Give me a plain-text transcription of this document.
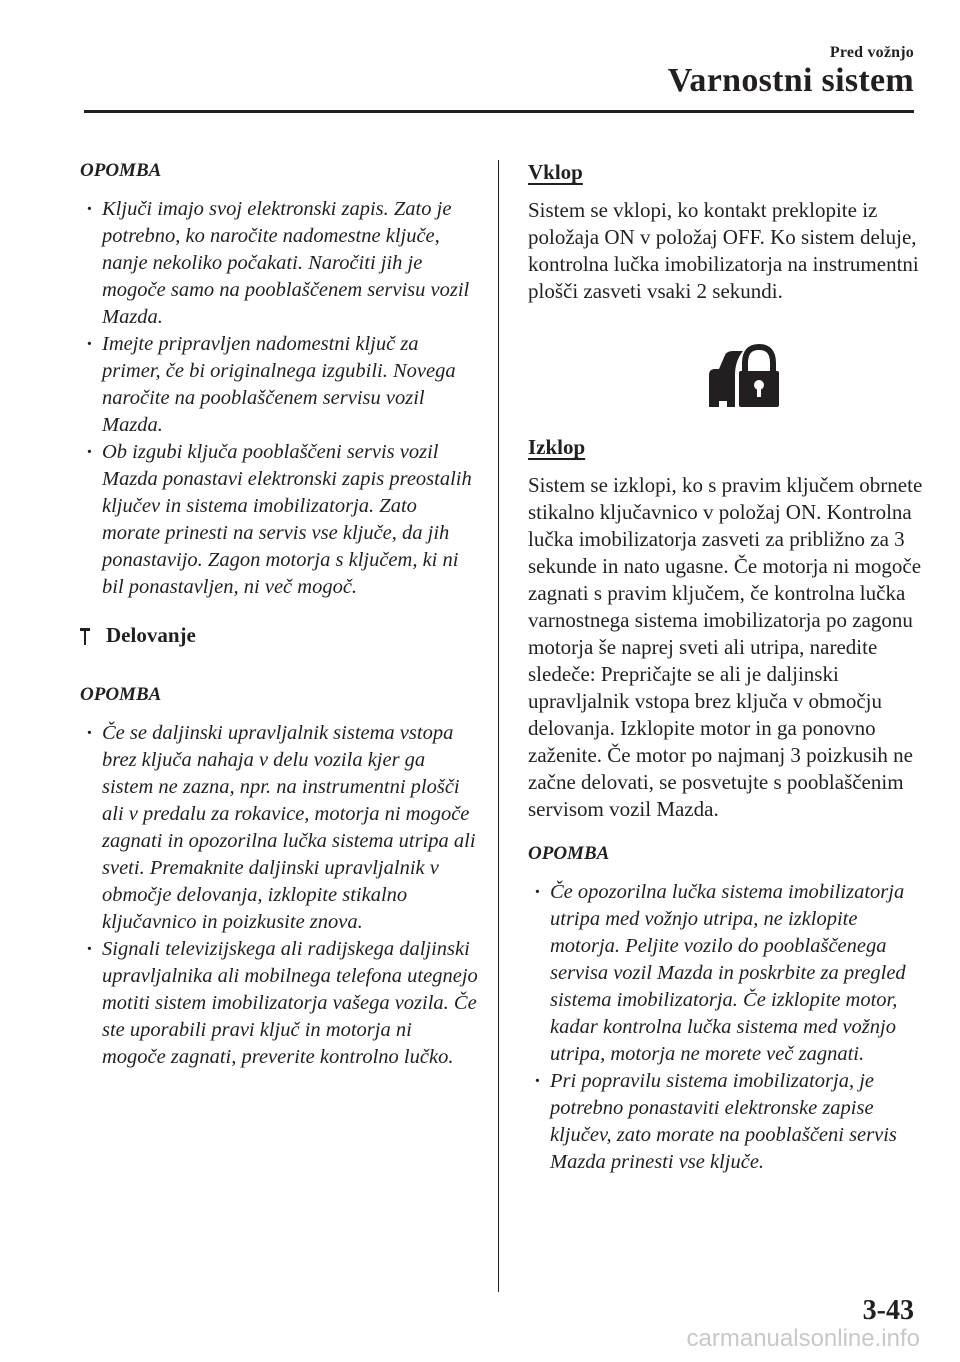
Pred vožnjo
Varnostni sistem
OPOMBA
· Ključi imajo svoj elektronski zapis. Zato je potrebno, ko naročite nadomestne ključe, nanje nekoliko počakati. Naročiti jih je mogoče samo na pooblaščenem servisu vozil Mazda.
· Imejte pripravljen nadomestni ključ za primer, če bi originalnega izgubili. Novega naročite na pooblaščenem servisu vozil Mazda.
· Ob izgubi ključa pooblaščeni servis vozil Mazda ponastavi elektronski zapis preostalih ključev in sistema imobilizatorja. Zato morate prinesti na servis vse ključe, da jih ponastavijo. Zagon motorja s ključem, ki ni bil ponastavljen, ni več mogoč.
Delovanje
OPOMBA
· Če se daljinski upravljalnik sistema vstopa brez ključa nahaja v delu vozila kjer ga sistem ne zazna, npr. na instrumentni plošči ali v predalu za rokavice, motorja ni mogoče zagnati in opozorilna lučka sistema utripa ali sveti. Premaknite daljinski upravljalnik v območje delovanja, izklopite stikalno ključavnico in poizkusite znova.
· Signali televizijskega ali radijskega daljinski upravljalnika ali mobilnega telefona utegnejo motiti sistem imobilizatorja vašega vozila. Če ste uporabili pravi ključ in motorja ni mogoče zagnati, preverite kontrolno lučko.
Vklop

Sistem se vklopi, ko kontakt preklopite iz položaja ON v položaj OFF. Ko sistem deluje, kontrolna lučka imobilizatorja na instrumentni plošči zasveti vsaki 2 sekundi.

Izklop

Sistem se izklopi, ko s pravim ključem obrnete stikalno ključavnico v položaj ON. Kontrolna lučka imobilizatorja zasveti za približno za 3 sekunde in nato ugasne. Če motorja ni mogoče zagnati s pravim ključem, če kontrolna lučka varnostnega sistema imobilizatorja po zagonu motorja še naprej sveti ali utripa, naredite sledeče: Prepričajte se ali je daljinski upravljalnik vstopa brez ključa v območju delovanja. Izklopite motor in ga ponovno zaženite. Če motor po najmanj 3 poizkusih ne začne delovati, se posvetujte s pooblaščenim servisom vozil Mazda.

OPOMBA
· Če opozorilna lučka sistema imobilizatorja utripa med vožnjo utripa, ne izklopite motorja. Peljite vozilo do pooblaščenega servisa vozil Mazda in poskrbite za pregled sistema imobilizatorja. Če izklopite motor, kadar kontrolna lučka sistema med vožnjo utripa, motorja ne morete več zagnati.
· Pri popravilu sistema imobilizatorja, je potrebno ponastaviti elektronske zapise ključev, zato morate na pooblaščeni servis Mazda prinesti vse ključe.
3-43
carmanualsonline.info
